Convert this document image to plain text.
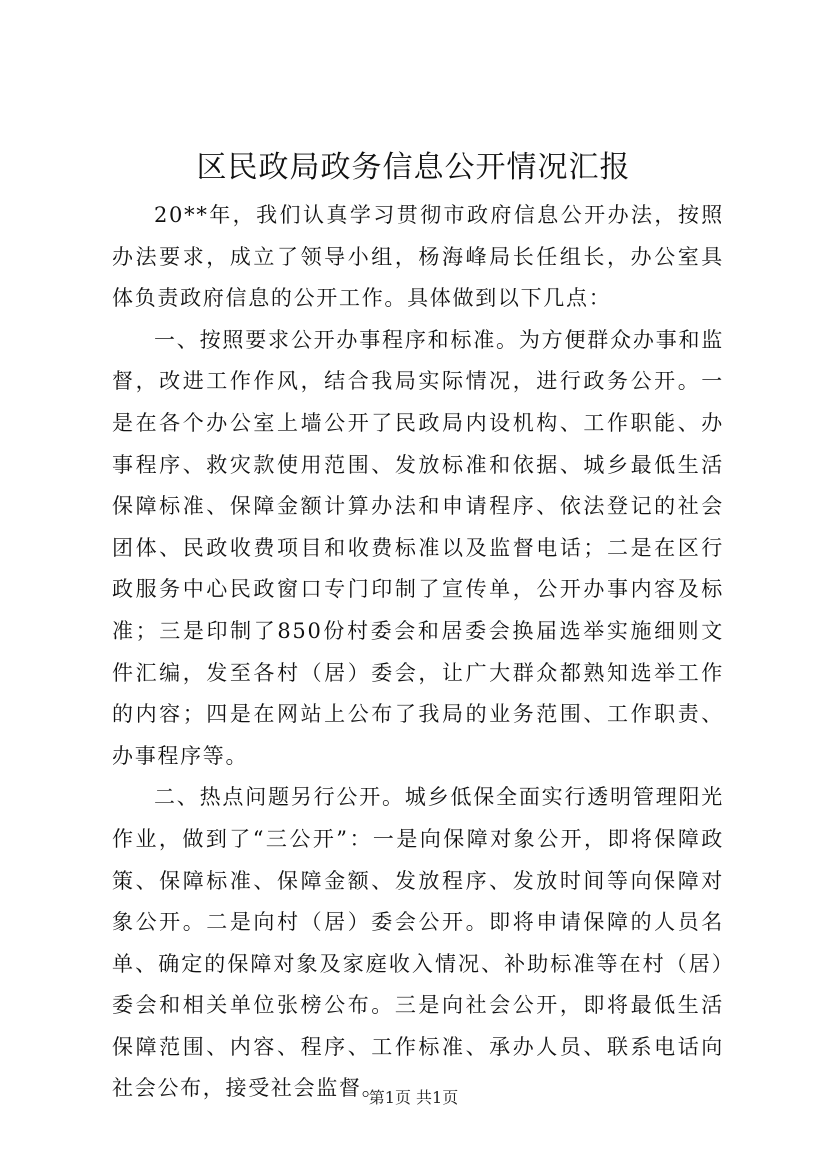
区民政局政务信息公开情况汇报

20**年，我们认真学习贯彻市政府信息公开办法，按照办法要求，成立了领导小组，杨海峰局长任组长，办公室具体负责政府信息的公开工作。具体做到以下几点：

一、按照要求公开办事程序和标准。为方便群众办事和监督，改进工作作风，结合我局实际情况，进行政务公开。一是在各个办公室上墙公开了民政局内设机构、工作职能、办事程序、救灾款使用范围、发放标准和依据、城乡最低生活保障标准、保障金额计算办法和申请程序、依法登记的社会团体、民政收费项目和收费标准以及监督电话；二是在区行政服务中心民政窗口专门印制了宣传单，公开办事内容及标准；三是印制了850份村委会和居委会换届选举实施细则文件汇编，发至各村（居）委会，让广大群众都熟知选举工作的内容；四是在网站上公布了我局的业务范围、工作职责、办事程序等。

二、热点问题另行公开。城乡低保全面实行透明管理阳光作业，做到了“三公开”：一是向保障对象公开，即将保障政策、保障标准、保障金额、发放程序、发放时间等向保障对象公开。二是向村（居）委会公开。即将申请保障的人员名单、确定的保障对象及家庭收入情况、补助标准等在村（居）委会和相关单位张榜公布。三是向社会公开，即将最低生活保障范围、内容、程序、工作标准、承办人员、联系电话向社会公布，接受社会监督。

第1页 共1页
